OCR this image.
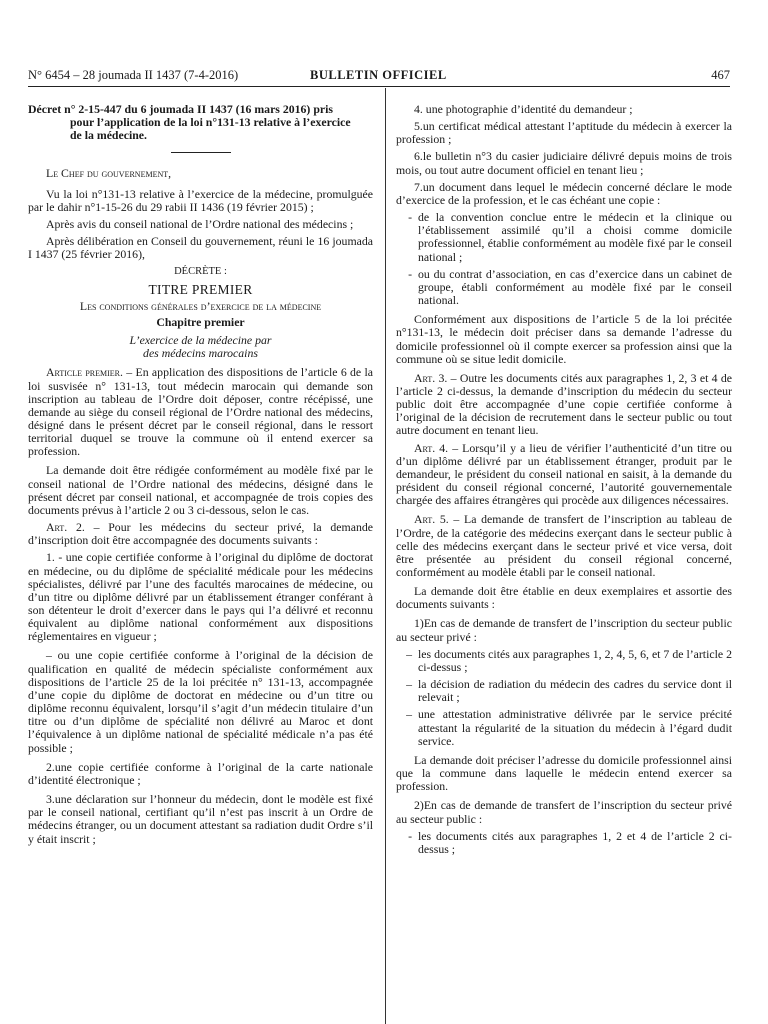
N° 6454 – 28 joumada II 1437 (7-4-2016)	BULLETIN OFFICIEL	467

Décret n° 2-15-447 du 6 joumada II 1437 (16 mars 2016) pris
pour l’application de la loi n°131-13 relative à l’exercice
de la médecine.

Le Chef du gouvernement,

Vu la loi n°131-13 relative à l’exercice de la médecine, promulguée par le dahir n°1-15-26 du 29 rabii II 1436 (19 février 2015) ;

Après avis du conseil national de l’Ordre national des médecins ;

Après délibération en Conseil du gouvernement, réuni le 16 joumada I 1437 (25 février 2016),

DÉCRÈTE :

TITRE PREMIER

Les conditions générales d’exercice de la médecine

Chapitre premier

L’exercice de la médecine par

des médecins marocains

Article premier. – En application des dispositions de l’article 6 de la loi susvisée n° 131-13, tout médecin marocain qui demande son inscription au tableau de l’Ordre doit déposer, contre récépissé, une demande au siège du conseil régional de l’Ordre national des médecins, désigné dans le présent décret par le conseil régional, dans le ressort territorial duquel se trouve la commune où il entend exercer sa profession.

La demande doit être rédigée conformément au modèle fixé par le conseil national de l’Ordre national des médecins, désigné dans le présent décret par conseil national, et accompagnée de trois copies des documents prévus à l’article 2 ou 3 ci-dessous, selon le cas.

Art. 2. – Pour les médecins du secteur privé, la demande d’inscription doit être accompagnée des documents suivants :

1. - une copie certifiée conforme à l’original du diplôme de doctorat en médecine, ou du diplôme de spécialité médicale pour les médecins spécialistes, délivré par l’une des facultés marocaines de médecine, ou d’un titre ou diplôme délivré par un établissement étranger conférant à son détenteur le droit d’exercer dans le pays qui l’a délivré et reconnu équivalent au diplôme national conformément aux dispositions réglementaires en vigueur ;

– ou une copie certifiée conforme à l’original de la décision de qualification en qualité de médecin spécialiste conformément aux dispositions de l’article 25 de la loi précitée n° 131-13, accompagnée d’une copie du diplôme de doctorat en médecine ou d’un titre ou diplôme reconnu équivalent, lorsqu’il s’agit d’un médecin titulaire d’un titre ou d’un diplôme de spécialité non délivré au Maroc et dont l’équivalence à un diplôme national de spécialité médicale n’a pas été possible ;

2.une copie certifiée conforme à l’original de la carte nationale d’identité électronique ;

3.une déclaration sur l’honneur du médecin, dont le modèle est fixé par le conseil national, certifiant qu’il n’est pas inscrit à un Ordre de médecins étranger, ou un document attestant sa radiation dudit Ordre s’il y était inscrit ;

4. une photographie d’identité du demandeur ;

5.un certificat médical attestant l’aptitude du médecin à exercer la profession ;

6.le bulletin n°3 du casier judiciaire délivré depuis moins de trois mois, ou tout autre document officiel en tenant lieu ;

7.un document dans lequel le médecin concerné déclare le mode d’exercice de la profession, et le cas échéant une copie :

- de la convention conclue entre le médecin et la clinique ou l’établissement assimilé qu’il a choisi comme domicile professionnel, établie conformément au modèle fixé par le conseil national ;
- ou du contrat d’association, en cas d’exercice dans un cabinet de groupe, établi conformément au modèle fixé par le conseil national.

Conformément aux dispositions de l’article 5 de la loi précitée n°131-13, le médecin doit préciser dans sa demande l’adresse du domicile professionnel où il compte exercer sa profession ainsi que la commune où se situe ledit domicile.

Art. 3. – Outre les documents cités aux paragraphes 1, 2, 3 et 4 de l’article 2 ci-dessus, la demande d’inscription du médecin du secteur public doit être accompagnée d’une copie certifiée conforme à l’original de la décision de recrutement dans le secteur public ou tout autre document en tenant lieu.

Art. 4. – Lorsqu’il y a lieu de vérifier l’authenticité d’un titre ou d’un diplôme délivré par un établissement étranger, produit par le demandeur, le président du conseil national en saisit, à la demande du président du conseil régional concerné, l’autorité gouvernementale chargée des affaires étrangères qui procède aux diligences nécessaires.

Art. 5. – La demande de transfert de l’inscription au tableau de l’Ordre, de la catégorie des médecins exerçant dans le secteur public à celle des médecins exerçant dans le secteur privé et vice versa, doit être présentée au président du conseil régional concerné, conformément au modèle établi par le conseil national.

La demande doit être établie en deux exemplaires et assortie des documents suivants :

1)En cas de demande de transfert de l’inscription du secteur public au secteur privé :

– les documents cités aux paragraphes 1, 2, 4, 5, 6, et 7 de l’article 2 ci-dessus ;
– la décision de radiation du médecin des cadres du service dont il relevait ;
– une attestation administrative délivrée par le service précité attestant la régularité de la situation du médecin à l’égard dudit service.

La demande doit préciser l’adresse du domicile professionnel ainsi que la commune dans laquelle le médecin entend exercer sa profession.

2)En cas de demande de transfert de l’inscription du secteur privé au secteur public :

- les documents cités aux paragraphes 1, 2 et 4 de l’article 2 ci-dessus ;
